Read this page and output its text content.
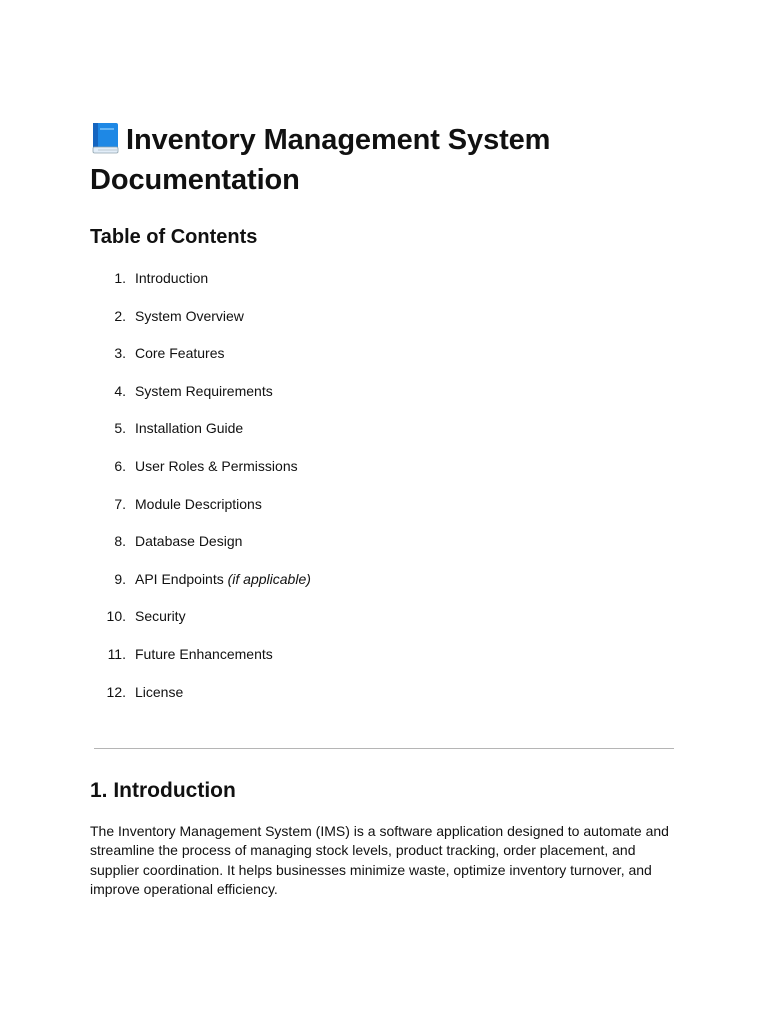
Inventory Management System Documentation
Table of Contents
1. Introduction
2. System Overview
3. Core Features
4. System Requirements
5. Installation Guide
6. User Roles & Permissions
7. Module Descriptions
8. Database Design
9. API Endpoints (if applicable)
10. Security
11. Future Enhancements
12. License
1. Introduction

The Inventory Management System (IMS) is a software application designed to automate and streamline the process of managing stock levels, product tracking, order placement, and supplier coordination. It helps businesses minimize waste, optimize inventory turnover, and improve operational efficiency.
